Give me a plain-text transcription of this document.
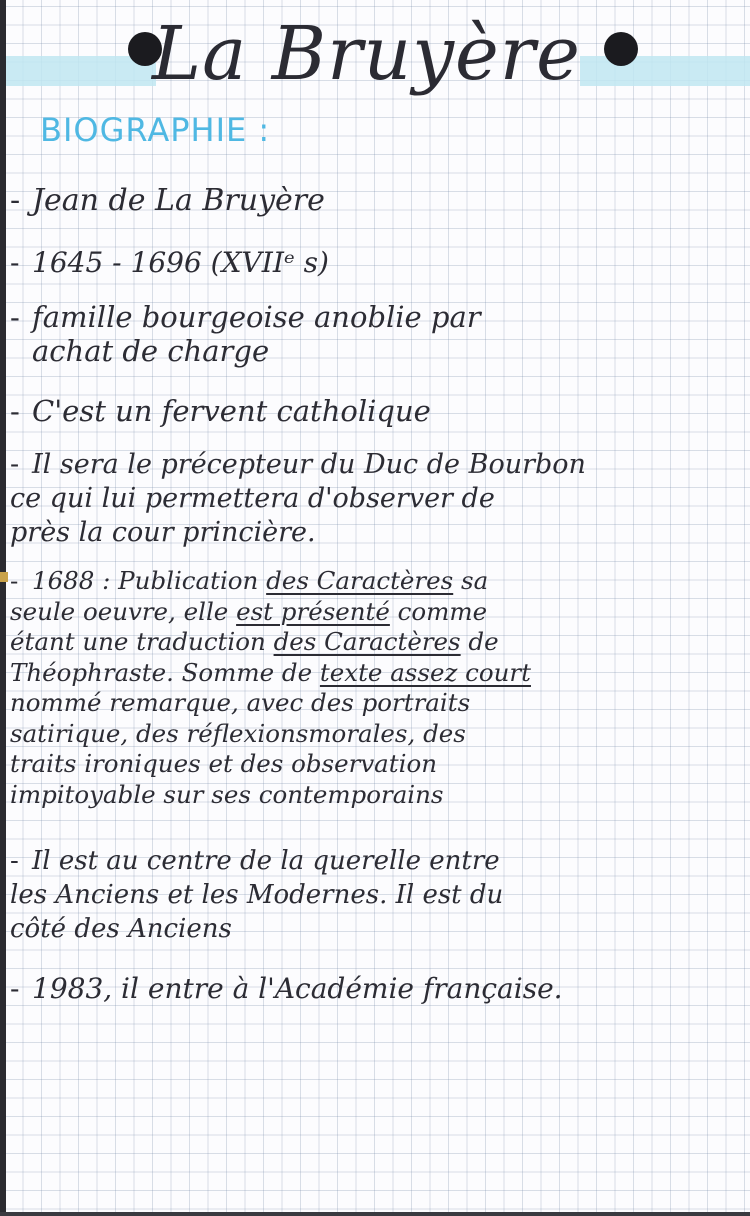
La Bruyère
BIOGRAPHIE :
- Jean de La Bruyère
- 1645 - 1696 (XVIIᵉ s)
- famille bourgeoise anoblie par
achat de charge
- C'est un fervent catholique
- Il sera le précepteur du Duc de Bourbon
ce qui lui permettera d'observer de
près la cour princière.
- 1688 : Publication des Caractères sa
seule oeuvre, elle est présenté comme
étant une traduction des Caractères de
Théophraste. Somme de texte assez court
nommé remarque, avec des portraits
satirique, des réflexionsmorales, des
traits ironiques et des observation
impitoyable sur ses contemporains
- Il est au centre de la querelle entre
les Anciens et les Modernes. Il est du
côté des Anciens
- 1983, il entre à l'Académie française.
